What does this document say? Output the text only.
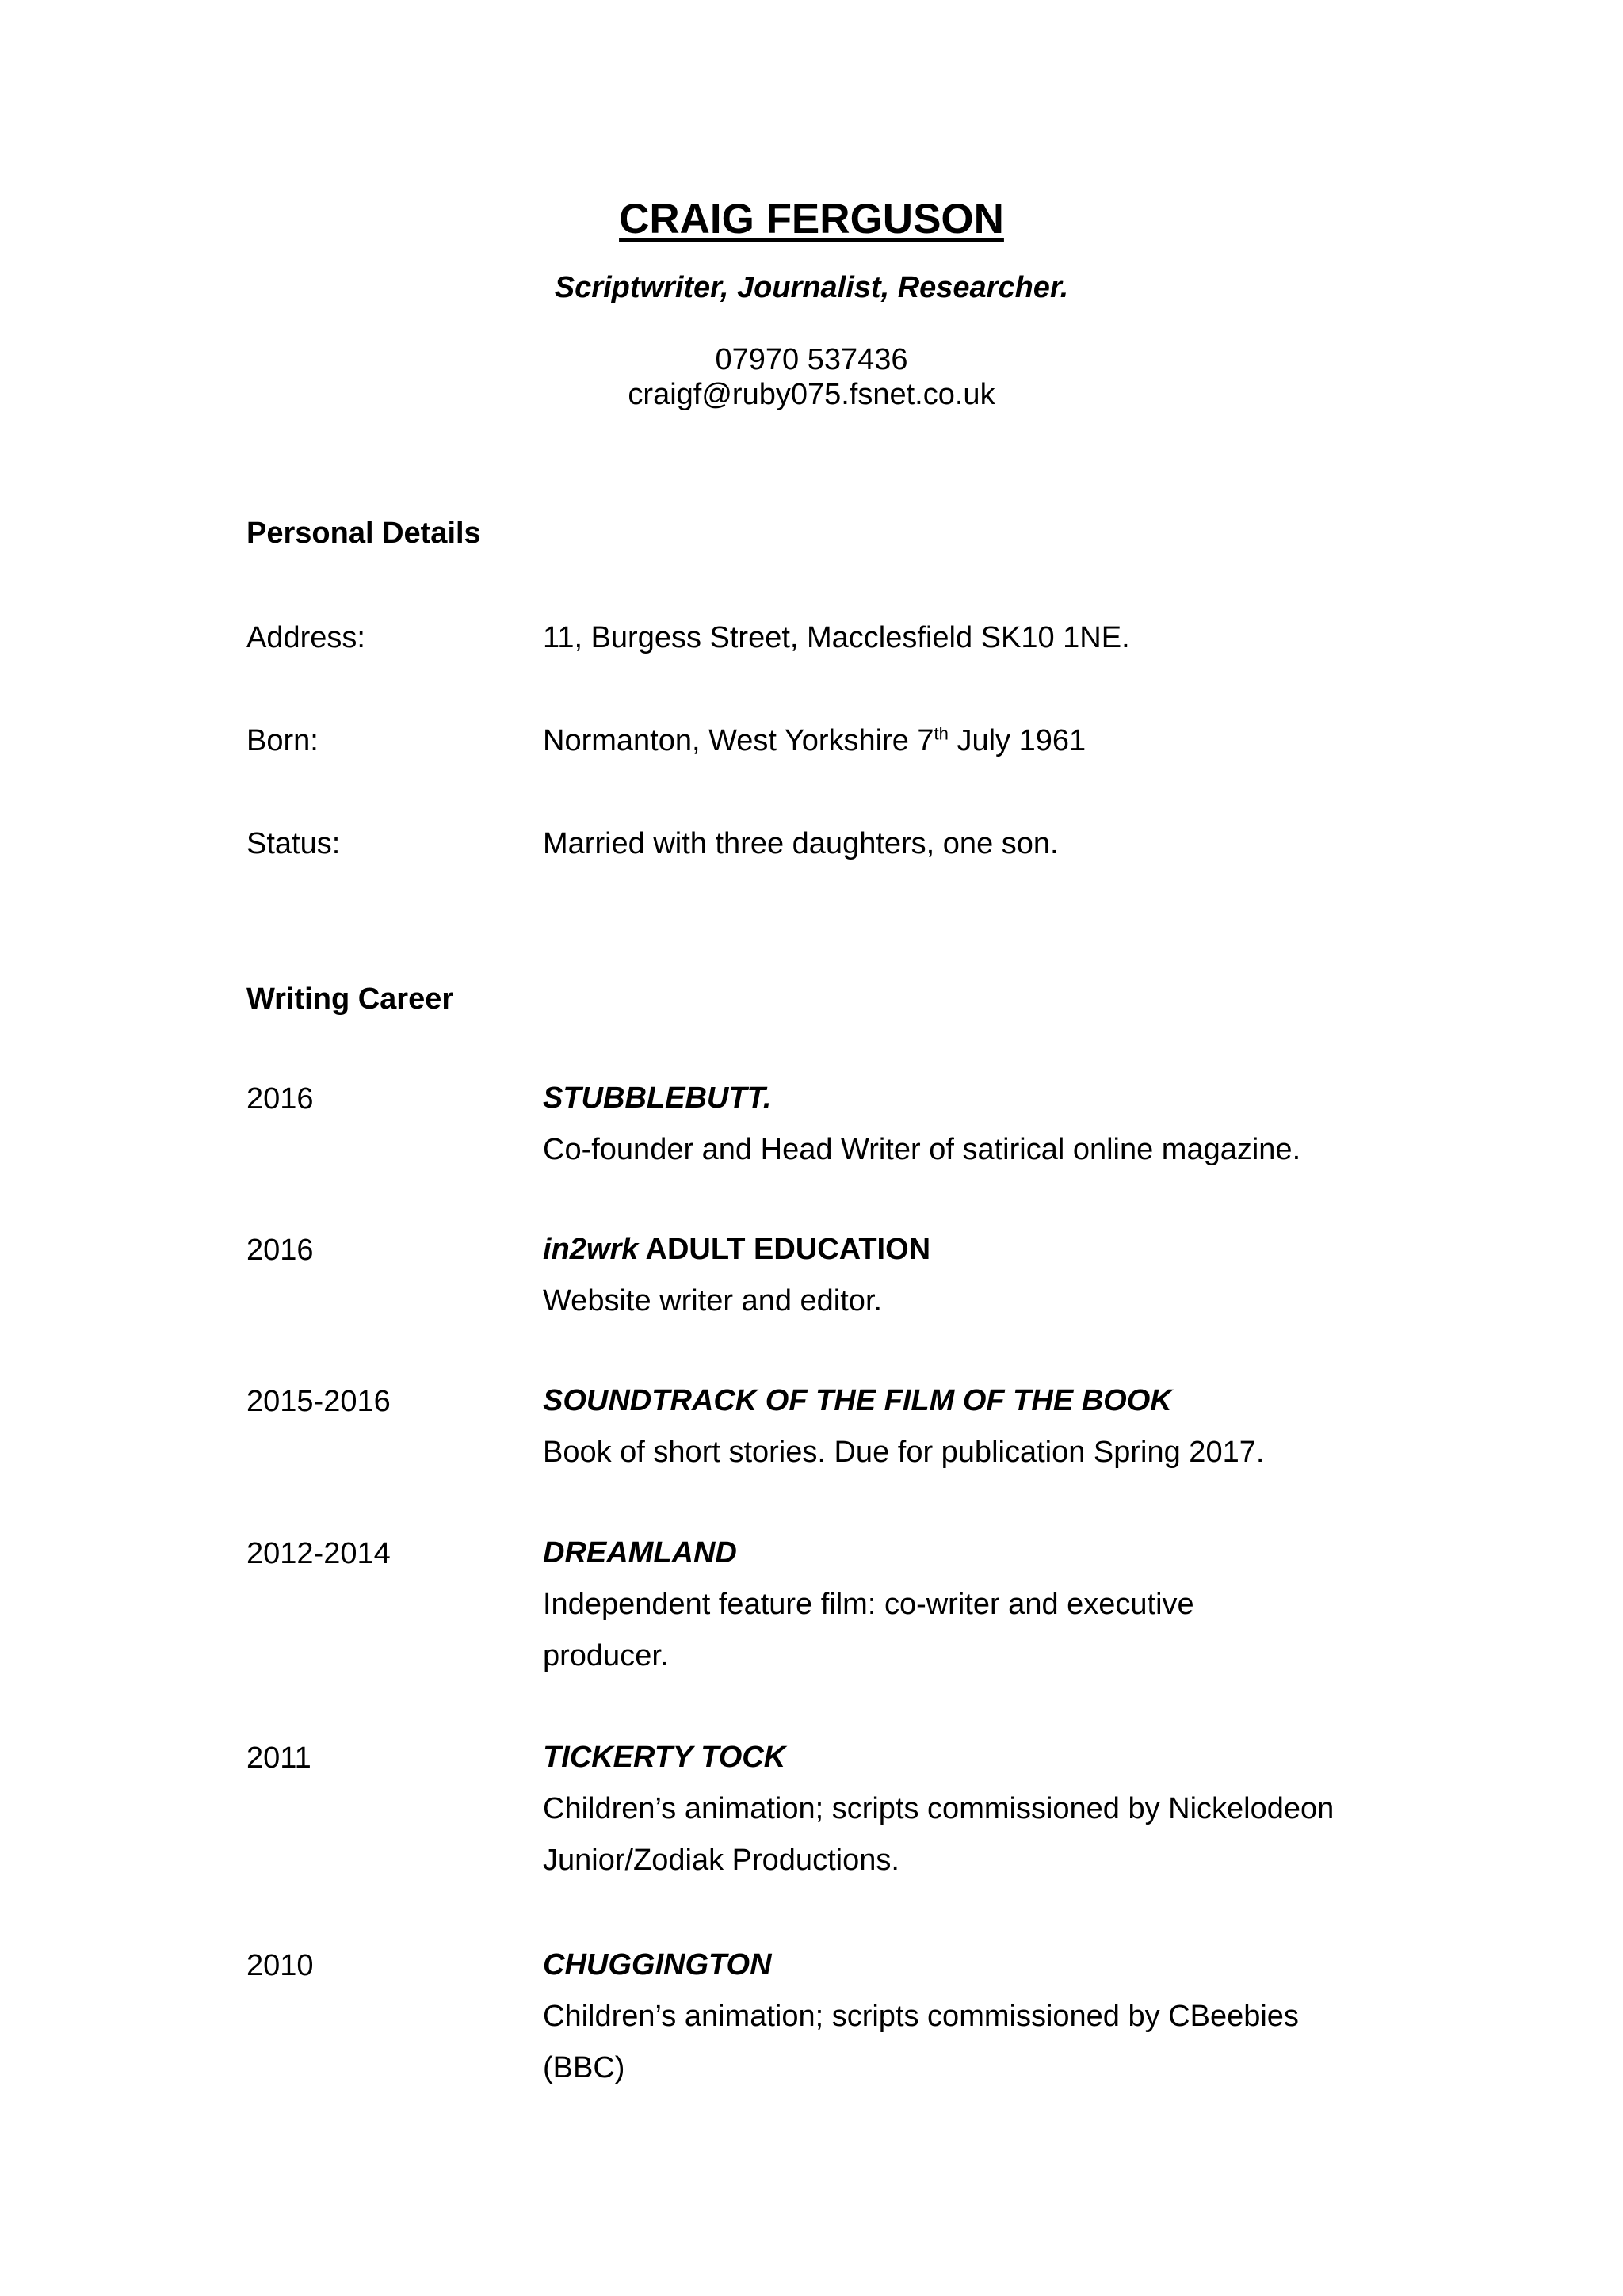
CRAIG FERGUSON
Scriptwriter, Journalist, Researcher.
07970 537436
craigf@ruby075.fsnet.co.uk
Personal Details
Address:	11, Burgess Street, Macclesfield SK10 1NE.
Born:	Normanton, West Yorkshire 7th July 1961
Status:	Married with three daughters, one son.
Writing Career
2016	STUBBLEBUTT.
Co-founder and Head Writer of satirical online magazine.
2016	in2wrk ADULT EDUCATION
Website writer and editor.
2015-2016	SOUNDTRACK OF THE FILM OF THE BOOK
Book of short stories. Due for publication Spring 2017.
2012-2014	DREAMLAND
Independent feature film: co-writer and executive producer.
2011	TICKERTY TOCK
Children’s animation; scripts commissioned by Nickelodeon Junior/Zodiak Productions.
2010	CHUGGINGTON
Children’s animation; scripts commissioned by CBeebies (BBC)
